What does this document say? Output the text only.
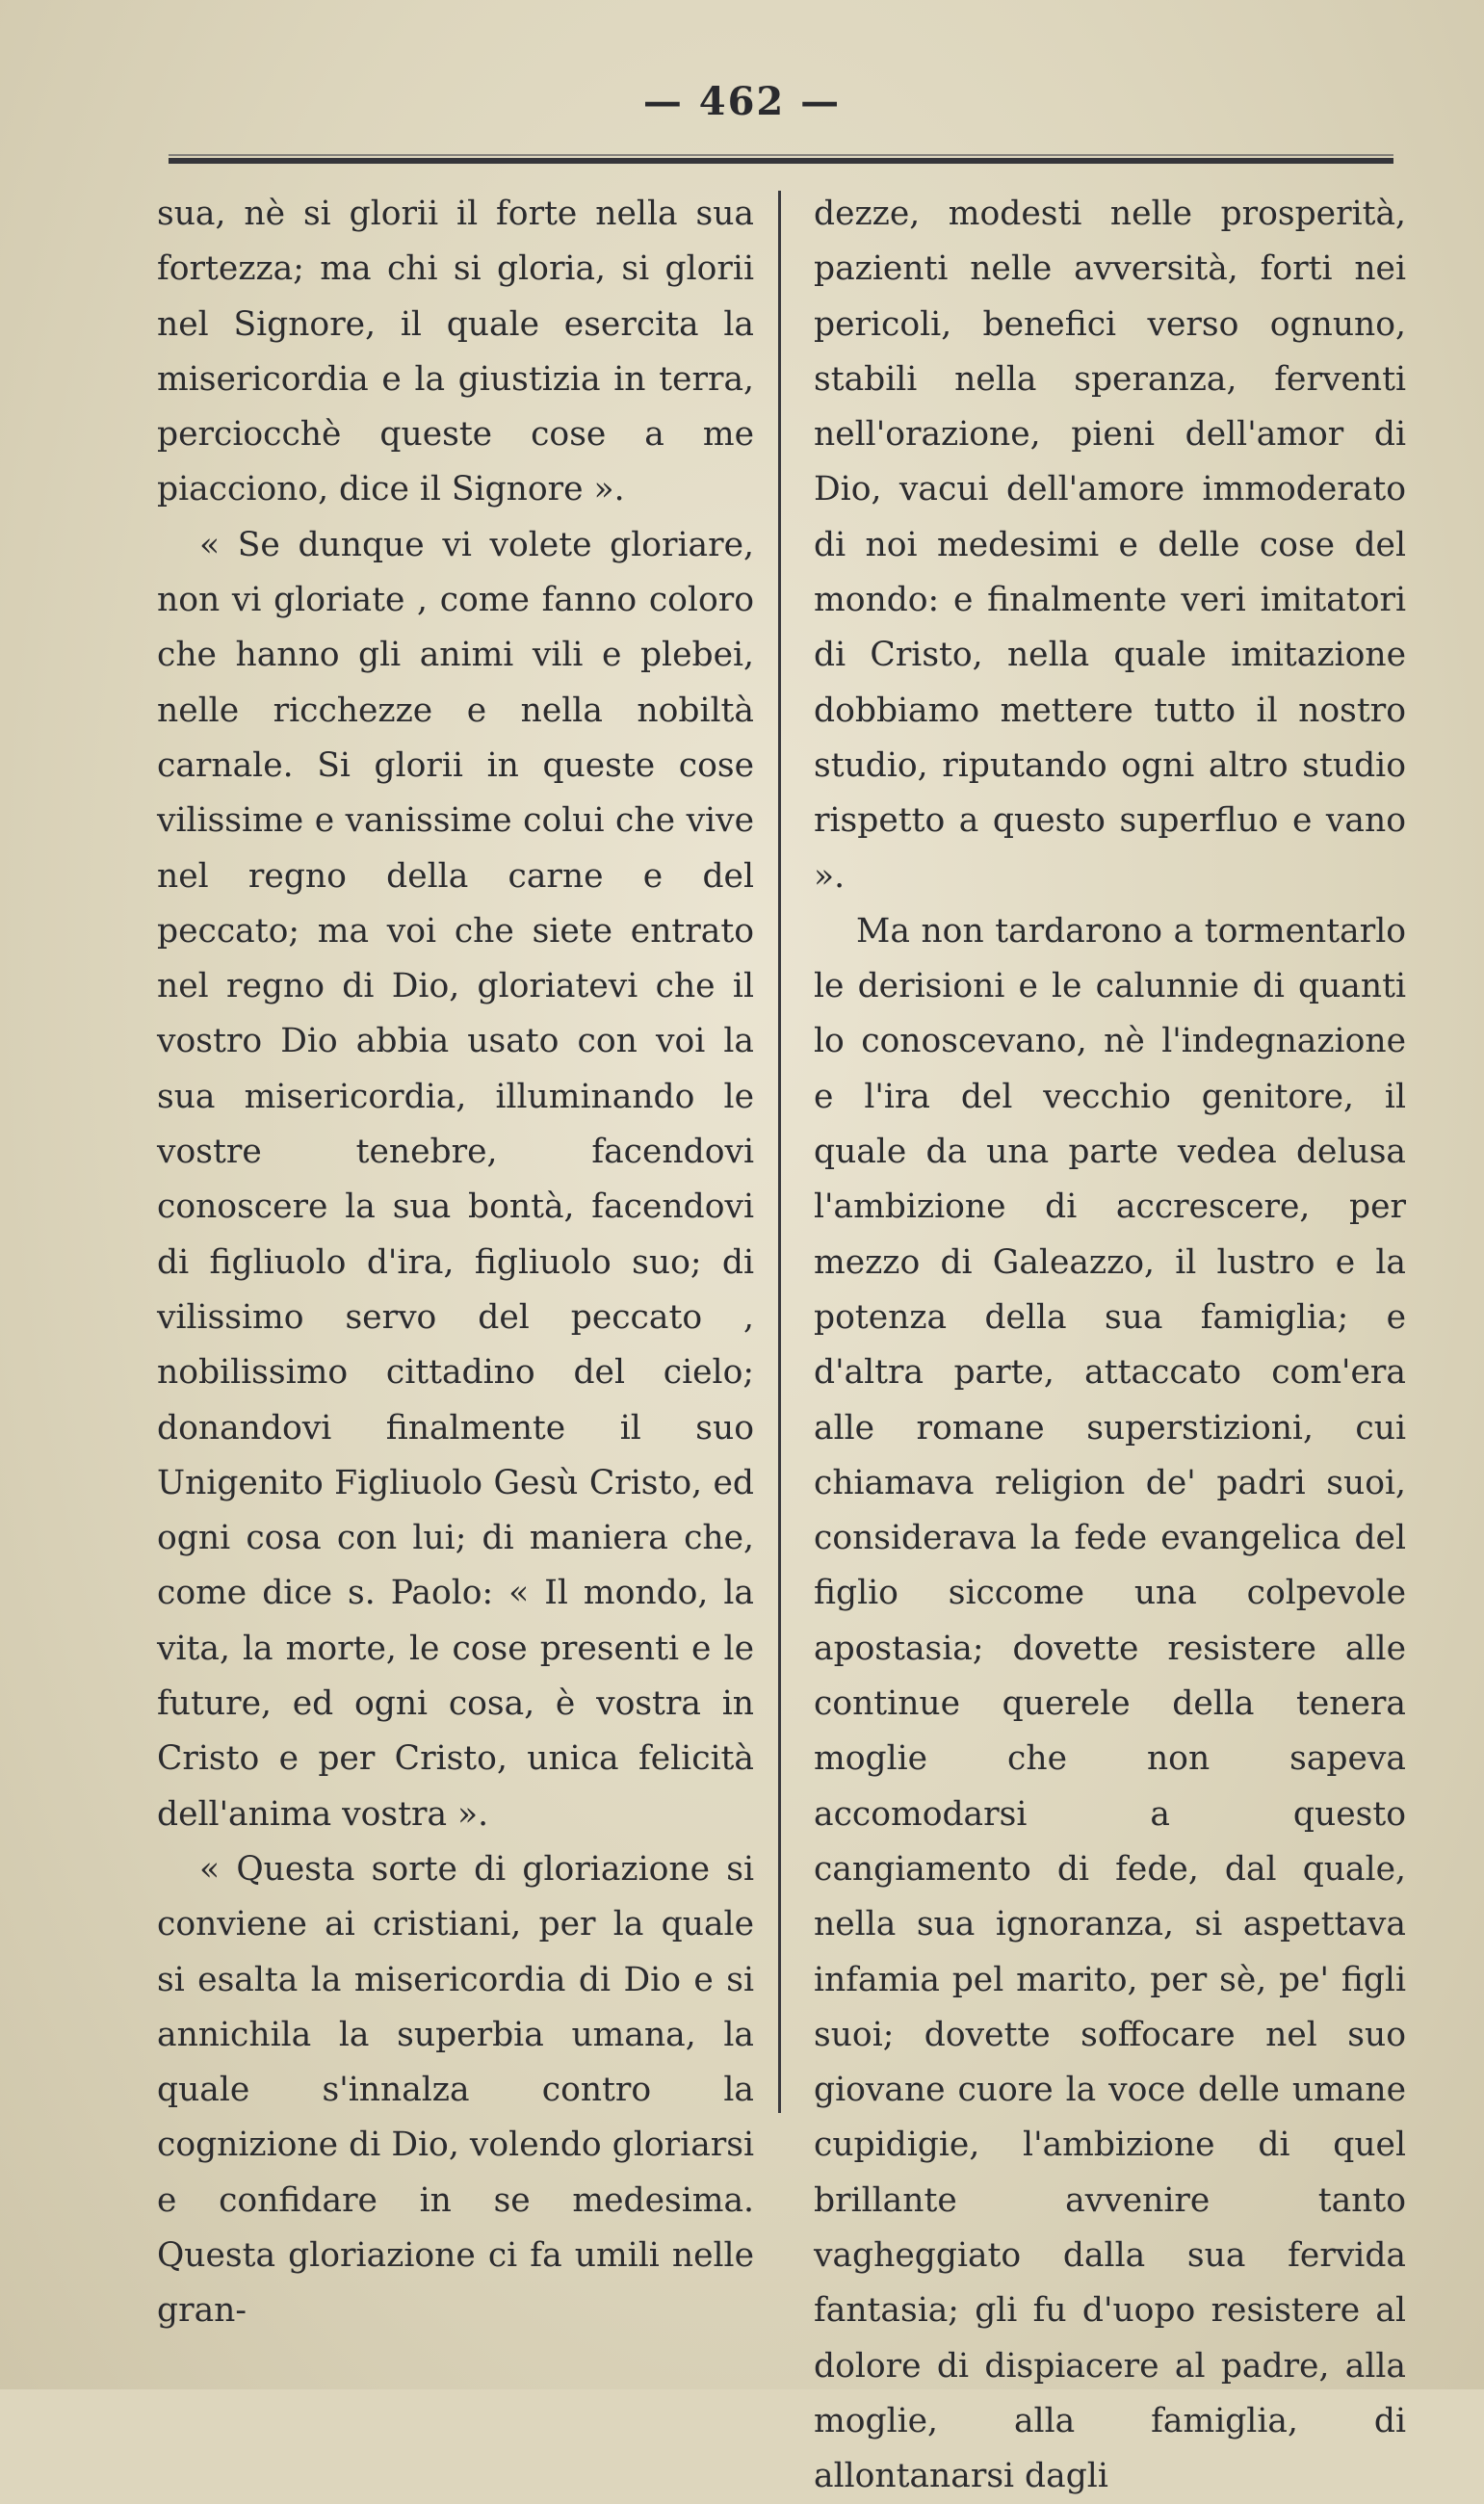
— 462 —

sua, nè si glorii il forte nella sua fortezza; ma chi si gloria, si glorii nel Signore, il quale esercita la misericordia e la giustizia in terra, perciocchè queste cose a me piacciono, dice il Signore ».

« Se dunque vi volete gloriare, non vi gloriate , come fanno coloro che hanno gli animi vili e plebei, nelle ricchezze e nella nobiltà carnale. Si glorii in queste cose vilissime e vanissime colui che vive nel regno della carne e del peccato; ma voi che siete entrato nel regno di Dio, gloriatevi che il vostro Dio abbia usato con voi la sua misericordia, illuminando le vostre tenebre, facendovi conoscere la sua bontà, facendovi di figliuolo d'ira, figliuolo suo; di vilissimo servo del peccato , nobilissimo cittadino del cielo; donandovi finalmente il suo Unigenito Figliuolo Gesù Cristo, ed ogni cosa con lui; di maniera che, come dice s. Paolo: « Il mondo, la vita, la morte, le cose presenti e le future, ed ogni cosa, è vostra in Cristo e per Cristo, unica felicità dell'anima vostra ».

« Questa sorte di gloriazione si conviene ai cristiani, per la quale si esalta la misericordia di Dio e si annichila la superbia umana, la quale s'innalza contro la cognizione di Dio, volendo gloriarsi e confidare in se medesima. Questa gloriazione ci fa umili nelle gran-

dezze, modesti nelle prosperità, pazienti nelle avversità, forti nei pericoli, benefici verso ognuno, stabili nella speranza, ferventi nell'orazione, pieni dell'amor di Dio, vacui dell'amore immoderato di noi medesimi e delle cose del mondo: e finalmente veri imitatori di Cristo, nella quale imitazione dobbiamo mettere tutto il nostro studio, riputando ogni altro studio rispetto a questo superfluo e vano ».

Ma non tardarono a tormentarlo le derisioni e le calunnie di quanti lo conoscevano, nè l'indegnazione e l'ira del vecchio genitore, il quale da una parte vedea delusa l'ambizione di accrescere, per mezzo di Galeazzo, il lustro e la potenza della sua famiglia; e d'altra parte, attaccato com'era alle romane superstizioni, cui chiamava religion de' padri suoi, considerava la fede evangelica del figlio siccome una colpevole apostasia; dovette resistere alle continue querele della tenera moglie che non sapeva accomodarsi a questo cangiamento di fede, dal quale, nella sua ignoranza, si aspettava infamia pel marito, per sè, pe' figli suoi; dovette soffocare nel suo giovane cuore la voce delle umane cupidigie, l'ambizione di quel brillante avvenire tanto vagheggiato dalla sua fervida fantasia; gli fu d'uopo resistere al dolore di dispiacere al padre, alla moglie, alla famiglia, di allontanarsi dagli
